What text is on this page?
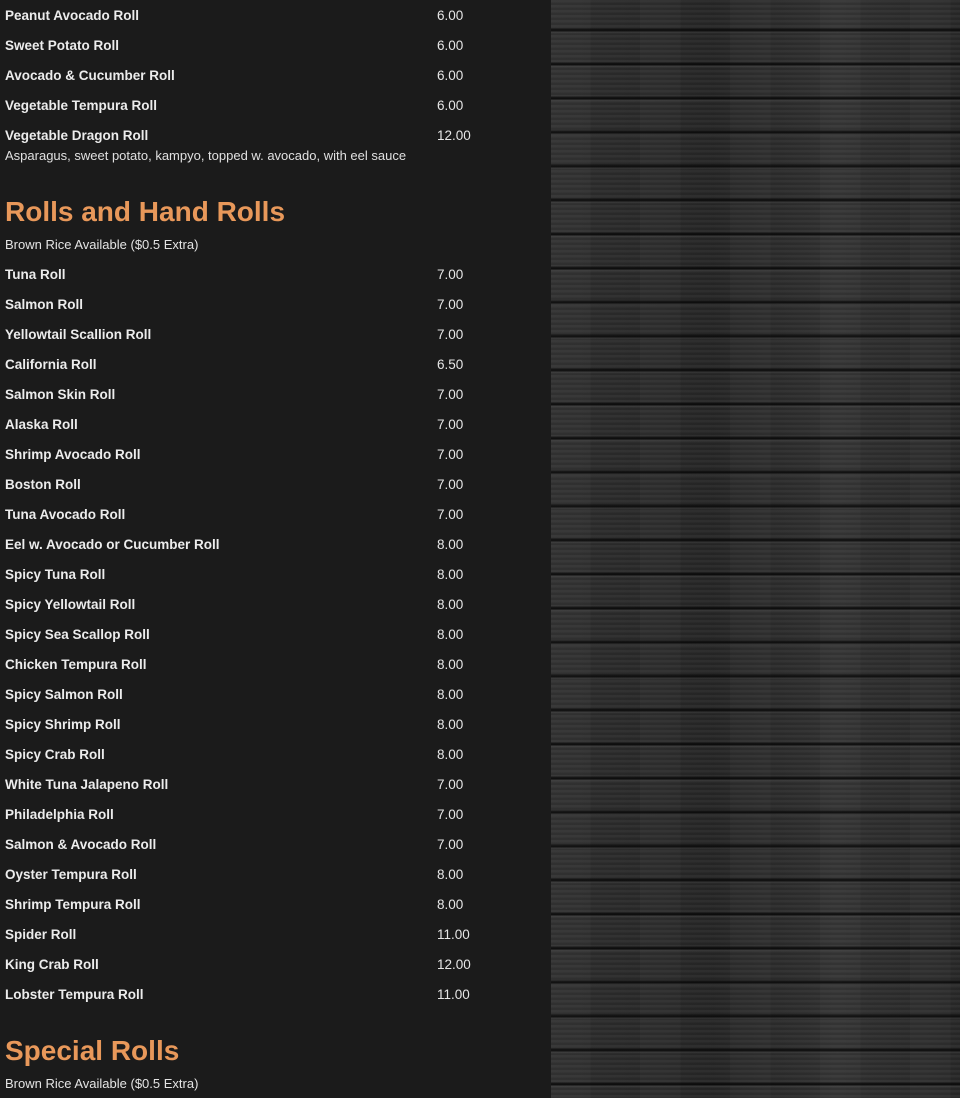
Peanut Avocado Roll	6.00
Sweet Potato Roll	6.00
Avocado & Cucumber Roll	6.00
Vegetable Tempura Roll	6.00
Vegetable Dragon Roll	12.00
Asparagus, sweet potato, kampyo, topped w. avocado, with eel sauce
Rolls and Hand Rolls
Brown Rice Available ($0.5 Extra)
Tuna Roll	7.00
Salmon Roll	7.00
Yellowtail Scallion Roll	7.00
California Roll	6.50
Salmon Skin Roll	7.00
Alaska Roll	7.00
Shrimp Avocado Roll	7.00
Boston Roll	7.00
Tuna Avocado Roll	7.00
Eel w. Avocado or Cucumber Roll	8.00
Spicy Tuna Roll	8.00
Spicy Yellowtail Roll	8.00
Spicy Sea Scallop Roll	8.00
Chicken Tempura Roll	8.00
Spicy Salmon Roll	8.00
Spicy Shrimp Roll	8.00
Spicy Crab Roll	8.00
White Tuna Jalapeno Roll	7.00
Philadelphia Roll	7.00
Salmon & Avocado Roll	7.00
Oyster Tempura Roll	8.00
Shrimp Tempura Roll	8.00
Spider Roll	11.00
King Crab Roll	12.00
Lobster Tempura Roll	11.00
Special Rolls
Brown Rice Available ($0.5 Extra)
